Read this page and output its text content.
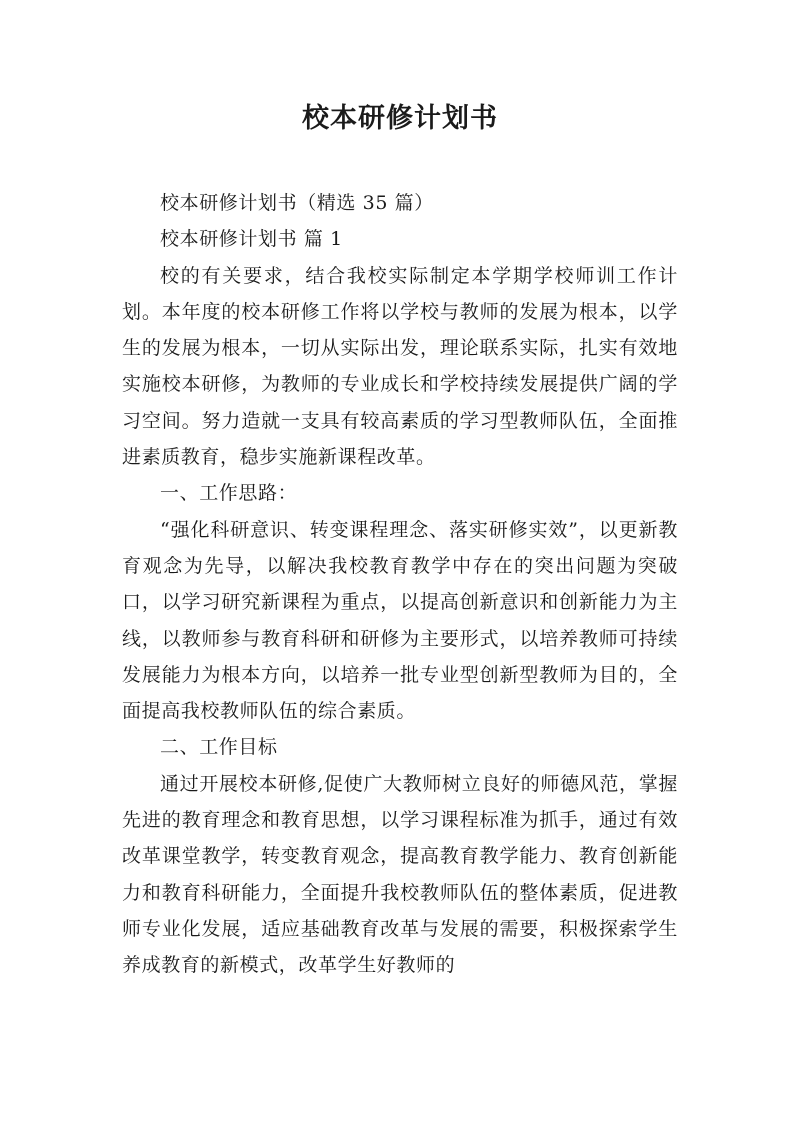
校本研修计划书

校本研修计划书（精选 35 篇）

校本研修计划书 篇 1

校的有关要求，结合我校实际制定本学期学校师训工作计划。本年度的校本研修工作将以学校与教师的发展为根本，以学生的发展为根本，一切从实际出发，理论联系实际，扎实有效地实施校本研修，为教师的专业成长和学校持续发展提供广阔的学习空间。努力造就一支具有较高素质的学习型教师队伍，全面推进素质教育，稳步实施新课程改革。

一、工作思路：

“强化科研意识、转变课程理念、落实研修实效”，以更新教育观念为先导，以解决我校教育教学中存在的突出问题为突破口，以学习研究新课程为重点，以提高创新意识和创新能力为主线，以教师参与教育科研和研修为主要形式，以培养教师可持续发展能力为根本方向，以培养一批专业型创新型教师为目的，全面提高我校教师队伍的综合素质。

二、工作目标

通过开展校本研修,促使广大教师树立良好的师德风范，掌握先进的教育理念和教育思想，以学习课程标准为抓手，通过有效改革课堂教学，转变教育观念，提高教育教学能力、教育创新能力和教育科研能力，全面提升我校教师队伍的整体素质，促进教师专业化发展，适应基础教育改革与发展的需要，积极探索学生养成教育的新模式，改革学生好教师的
